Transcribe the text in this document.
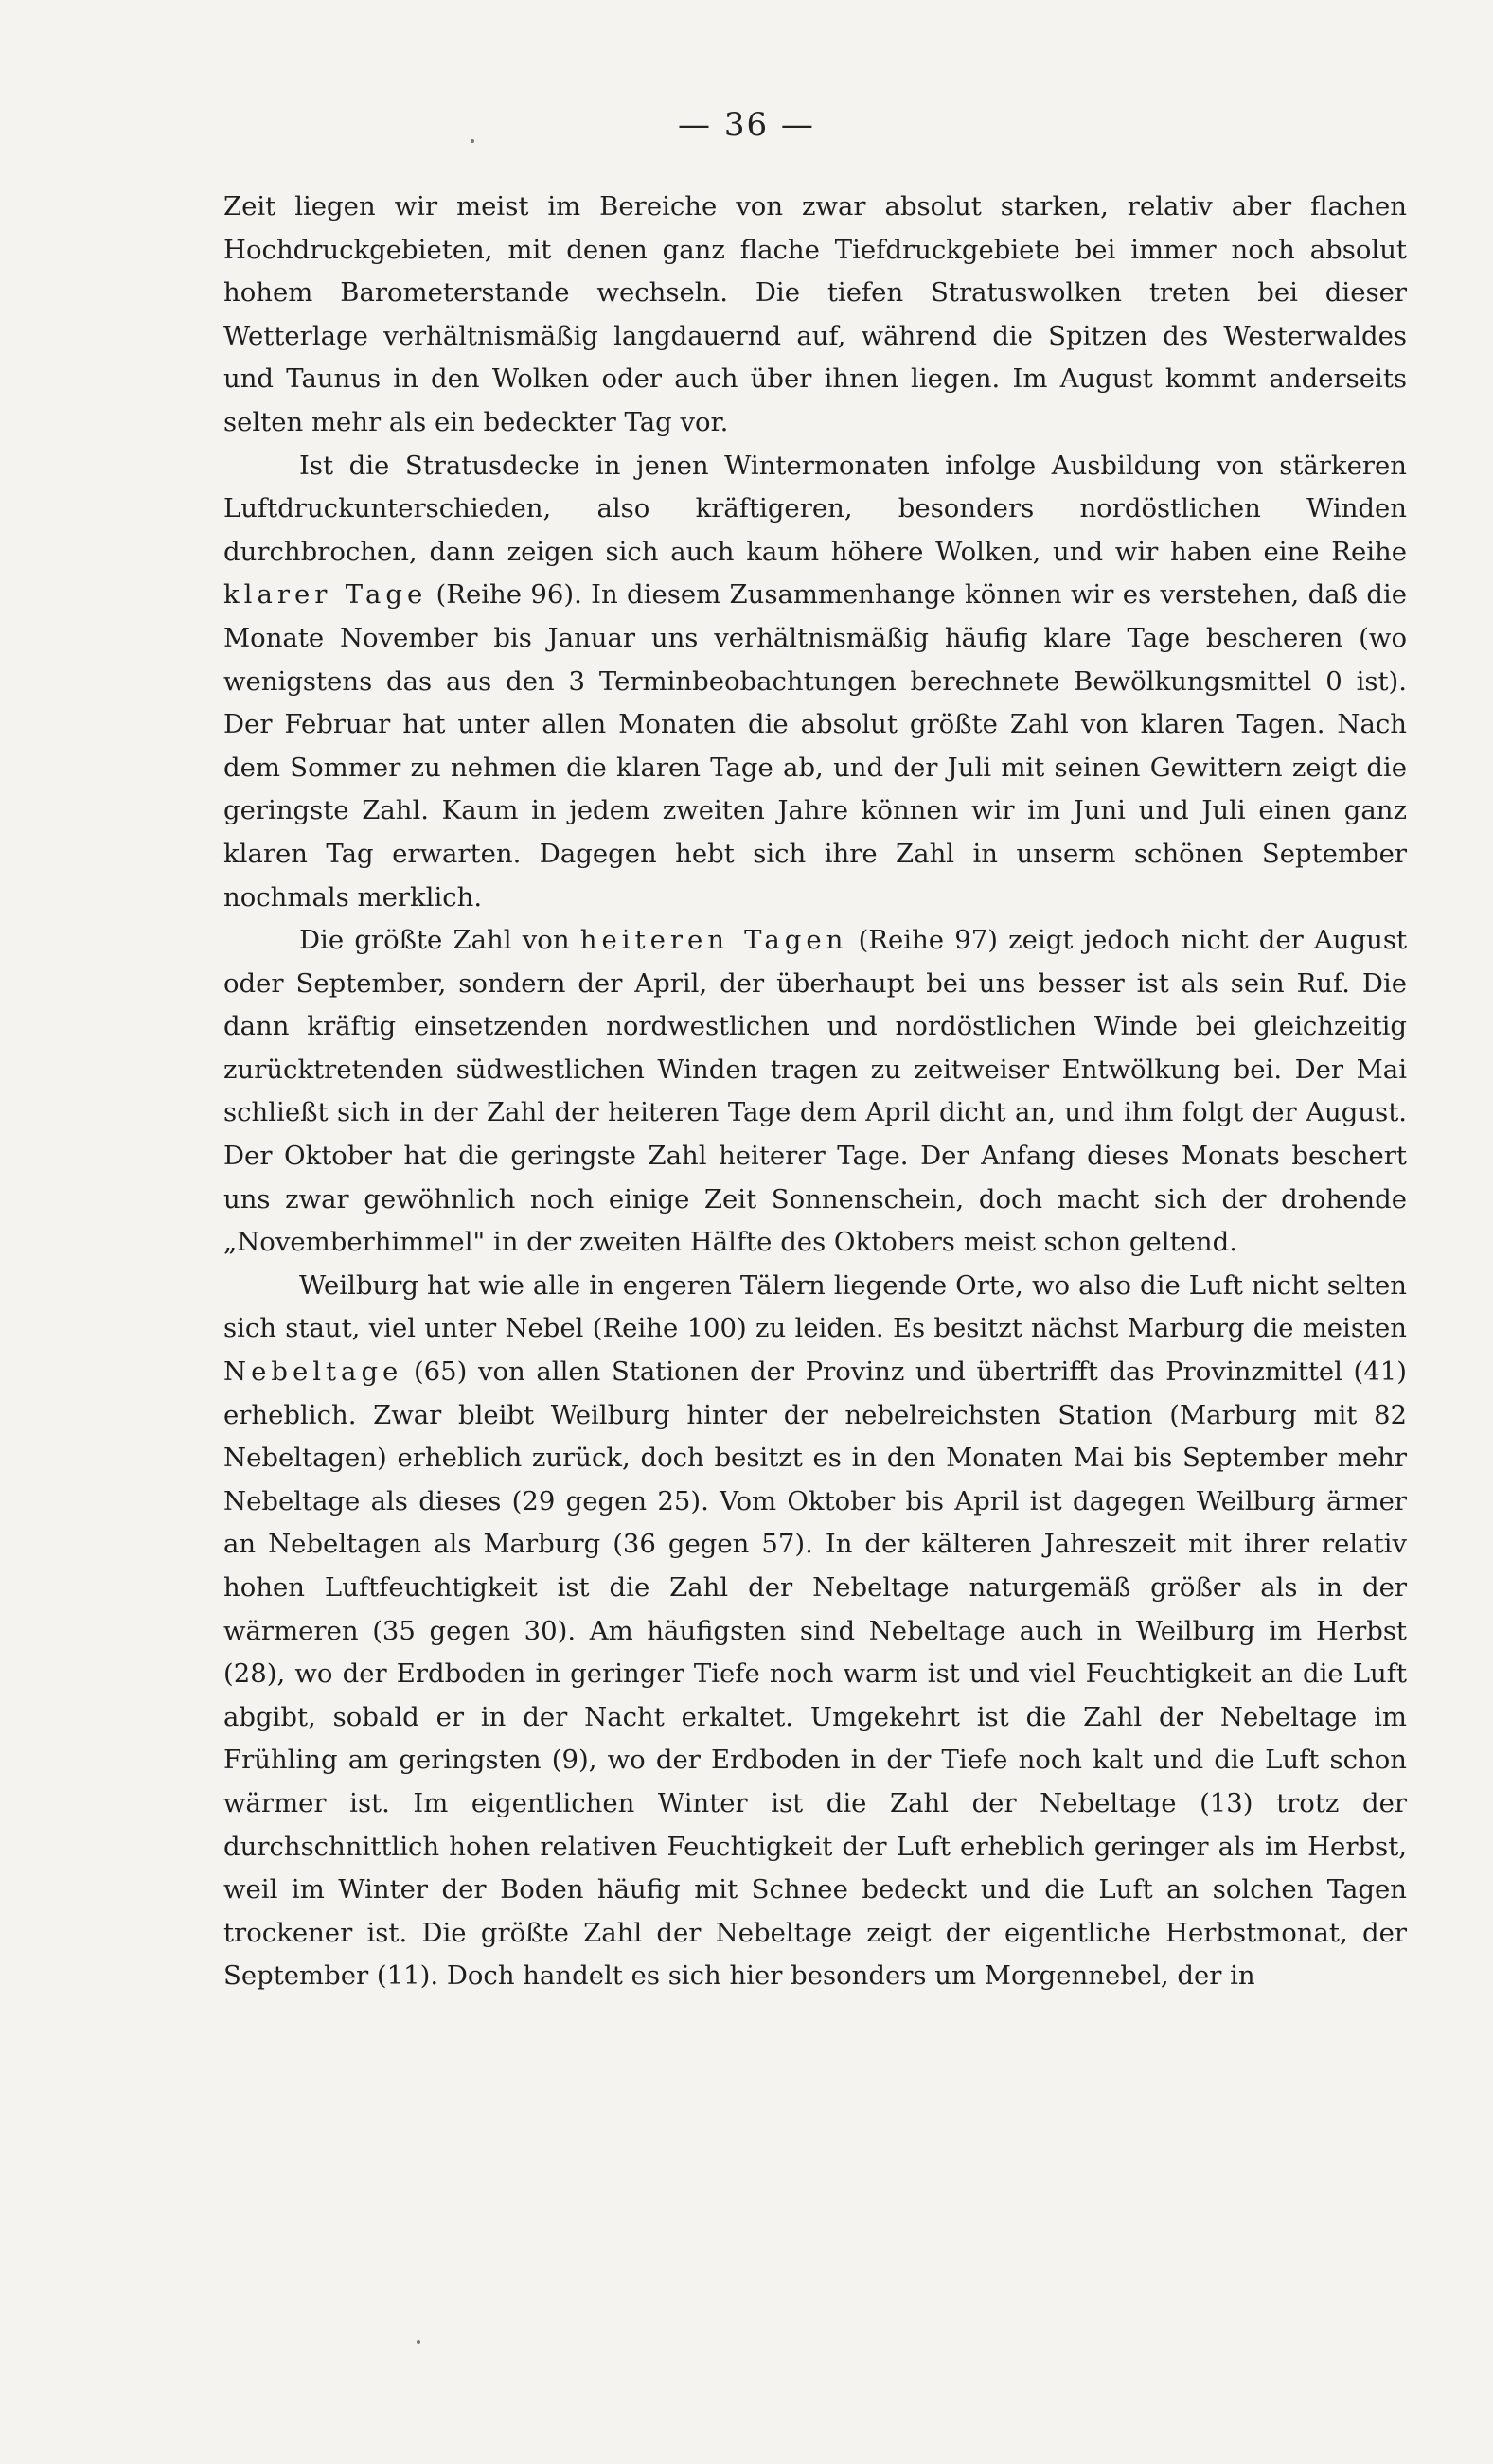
— 36 —

Zeit liegen wir meist im Bereiche von zwar absolut starken, relativ aber flachen Hochdruckgebieten, mit denen ganz flache Tiefdruckgebiete bei immer noch absolut hohem Barometerstande wechseln. Die tiefen Stratuswolken treten bei dieser Wetterlage verhältnismäßig langdauernd auf, während die Spitzen des Westerwaldes und Taunus in den Wolken oder auch über ihnen liegen. Im August kommt anderseits selten mehr als ein bedeckter Tag vor.

Ist die Stratusdecke in jenen Wintermonaten infolge Ausbildung von stärkeren Luftdruckunterschieden, also kräftigeren, besonders nordöstlichen Winden durchbrochen, dann zeigen sich auch kaum höhere Wolken, und wir haben eine Reihe klarer Tage (Reihe 96). In diesem Zusammenhange können wir es verstehen, daß die Monate November bis Januar uns verhältnismäßig häufig klare Tage bescheren (wo wenigstens das aus den 3 Terminbeobachtungen berechnete Bewölkungsmittel 0 ist). Der Februar hat unter allen Monaten die absolut größte Zahl von klaren Tagen. Nach dem Sommer zu nehmen die klaren Tage ab, und der Juli mit seinen Gewittern zeigt die geringste Zahl. Kaum in jedem zweiten Jahre können wir im Juni und Juli einen ganz klaren Tag erwarten. Dagegen hebt sich ihre Zahl in unserm schönen September nochmals merklich.

Die größte Zahl von heiteren Tagen (Reihe 97) zeigt jedoch nicht der August oder September, sondern der April, der überhaupt bei uns besser ist als sein Ruf. Die dann kräftig einsetzenden nordwestlichen und nordöstlichen Winde bei gleichzeitig zurücktretenden südwestlichen Winden tragen zu zeitweiser Entwölkung bei. Der Mai schließt sich in der Zahl der heiteren Tage dem April dicht an, und ihm folgt der August. Der Oktober hat die geringste Zahl heiterer Tage. Der Anfang dieses Monats beschert uns zwar gewöhnlich noch einige Zeit Sonnenschein, doch macht sich der drohende „Novemberhimmel" in der zweiten Hälfte des Oktobers meist schon geltend.

Weilburg hat wie alle in engeren Tälern liegende Orte, wo also die Luft nicht selten sich staut, viel unter Nebel (Reihe 100) zu leiden. Es besitzt nächst Marburg die meisten Nebeltage (65) von allen Stationen der Provinz und übertrifft das Provinzmittel (41) erheblich. Zwar bleibt Weilburg hinter der nebelreichsten Station (Marburg mit 82 Nebeltagen) erheblich zurück, doch besitzt es in den Monaten Mai bis September mehr Nebeltage als dieses (29 gegen 25). Vom Oktober bis April ist dagegen Weilburg ärmer an Nebeltagen als Marburg (36 gegen 57). In der kälteren Jahreszeit mit ihrer relativ hohen Luftfeuchtigkeit ist die Zahl der Nebeltage naturgemäß größer als in der wärmeren (35 gegen 30). Am häufigsten sind Nebeltage auch in Weilburg im Herbst (28), wo der Erdboden in geringer Tiefe noch warm ist und viel Feuchtigkeit an die Luft abgibt, sobald er in der Nacht erkaltet. Umgekehrt ist die Zahl der Nebeltage im Frühling am geringsten (9), wo der Erdboden in der Tiefe noch kalt und die Luft schon wärmer ist. Im eigentlichen Winter ist die Zahl der Nebeltage (13) trotz der durchschnittlich hohen relativen Feuchtigkeit der Luft erheblich geringer als im Herbst, weil im Winter der Boden häufig mit Schnee bedeckt und die Luft an solchen Tagen trockener ist. Die größte Zahl der Nebeltage zeigt der eigentliche Herbstmonat, der September (11). Doch handelt es sich hier besonders um Morgennebel, der in
